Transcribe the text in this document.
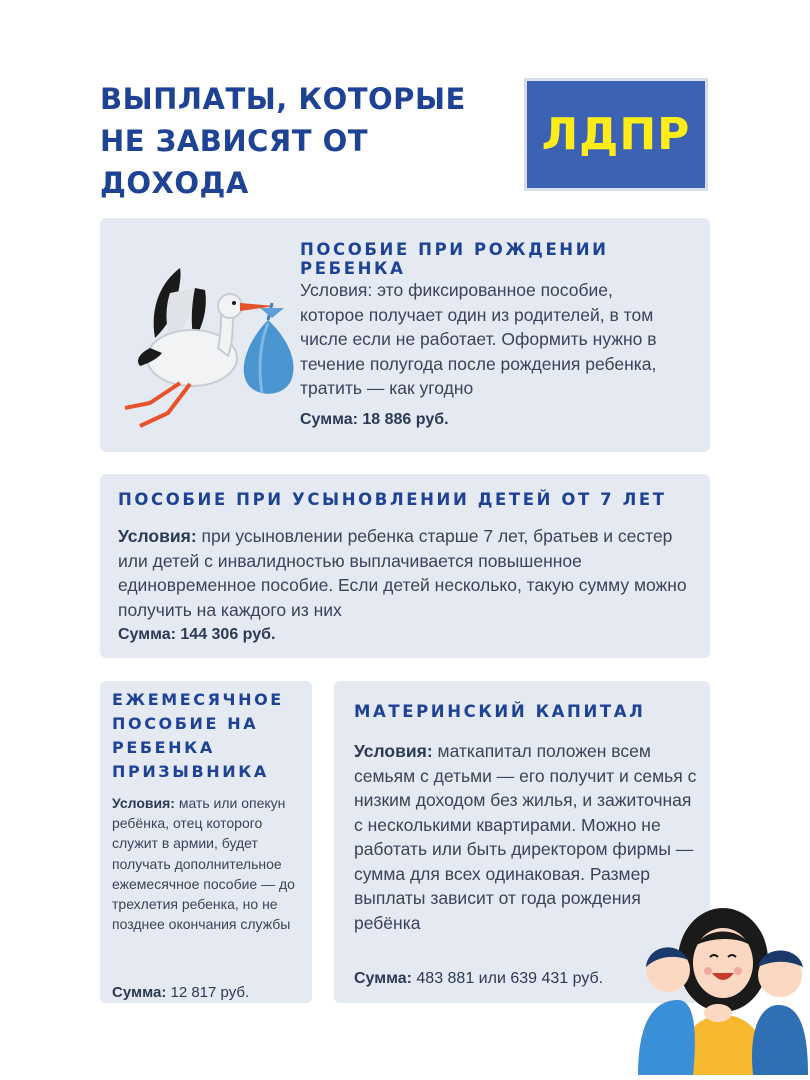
ВЫПЛАТЫ, КОТОРЫЕ НЕ ЗАВИСЯТ ОТ ДОХОДА
ЛДПР
ПОСОБИЕ ПРИ РОЖДЕНИИ РЕБЕНКА
Условия: это фиксированное пособие, которое получает один из родителей, в том числе если не работает. Оформить нужно в течение полугода после рождения ребенка, тратить — как угодно
Сумма: 18 886 руб.
ПОСОБИЕ ПРИ УСЫНОВЛЕНИИ ДЕТЕЙ ОТ 7 ЛЕТ
Условия: при усыновлении ребенка старше 7 лет, братьев и сестер или детей с инвалидностью выплачивается повышенное единовременное пособие. Если детей несколько, такую сумму можно получить на каждого из них
Сумма: 144 306 руб.
ЕЖЕМЕСЯЧНОЕ ПОСОБИЕ НА РЕБЕНКА ПРИЗЫВНИКА
Условия: мать или опекун ребёнка, отец которого служит в армии, будет получать дополнительное ежемесячное пособие — до трехлетия ребенка, но не позднее окончания службы
Сумма: 12 817 руб.
МАТЕРИНСКИЙ КАПИТАЛ
Условия: маткапитал положен всем семьям с детьми — его получит и семья с низким доходом без жилья, и зажиточная с несколькими квартирами. Можно не работать или быть директором фирмы — сумма для всех одинаковая. Размер выплаты зависит от года рождения ребёнка
Сумма: 483 881 или 639 431 руб.
